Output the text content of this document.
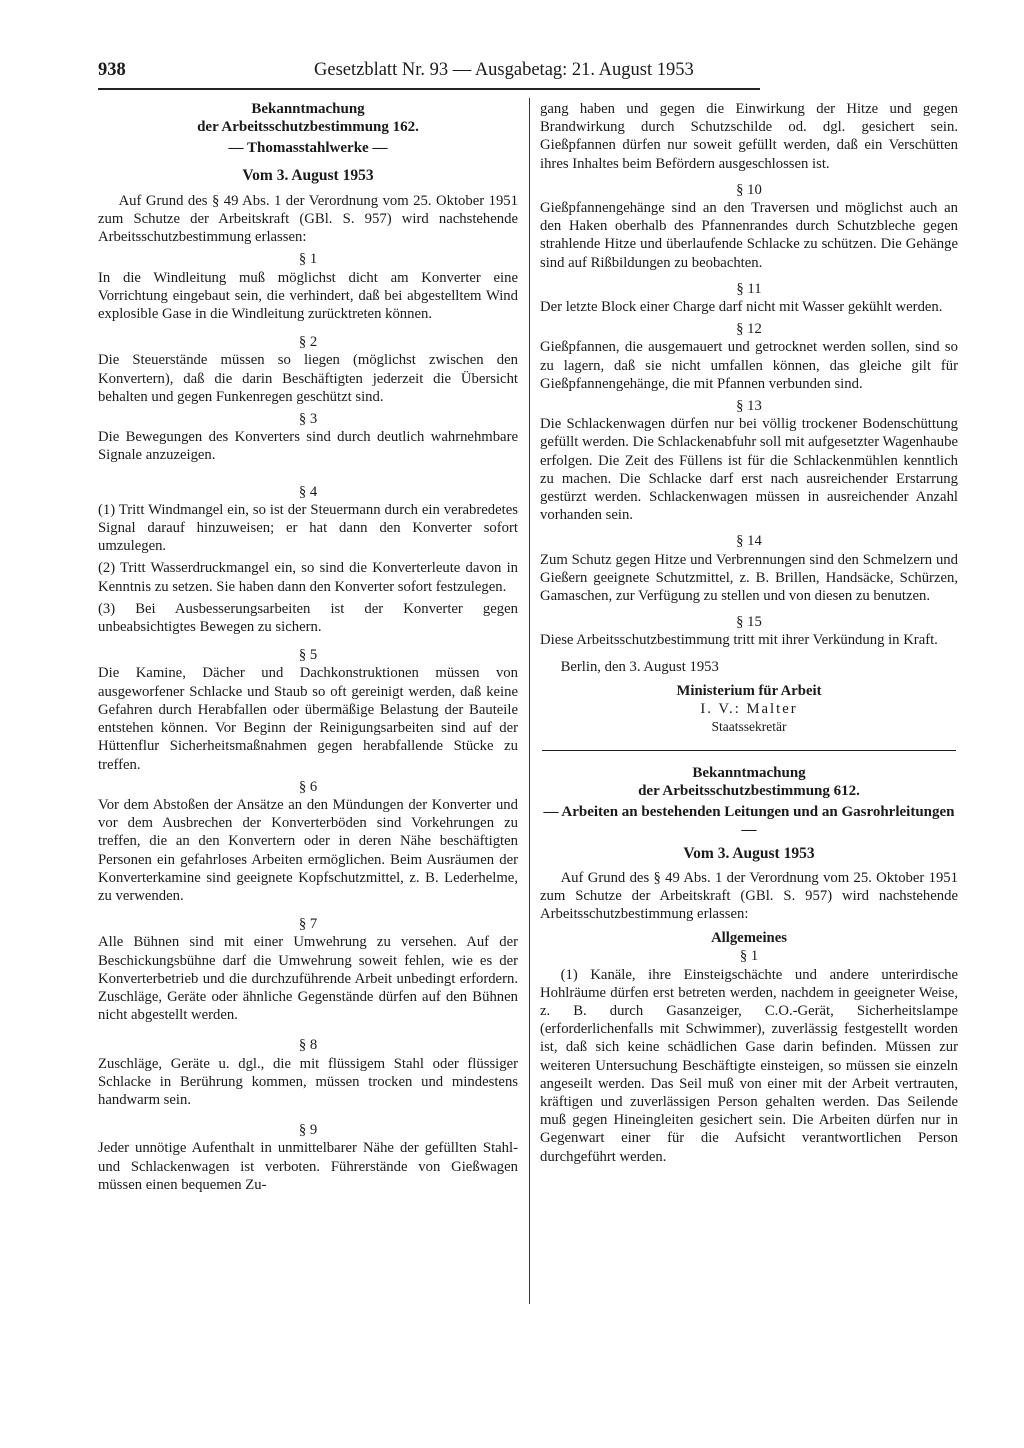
938	Gesetzblatt Nr. 93 — Ausgabetag: 21. August 1953

Bekanntmachung

der Arbeitsschutzbestimmung 162.

— Thomasstahlwerke —

Vom 3. August 1953

Auf Grund des § 49 Abs. 1 der Verordnung vom 25. Oktober 1951 zum Schutze der Arbeitskraft (GBl. S. 957) wird nachstehende Arbeitsschutzbestimmung erlassen:

§ 1

In die Windleitung muß möglichst dicht am Konverter eine Vorrichtung eingebaut sein, die verhindert, daß bei abgestelltem Wind explosible Gase in die Windleitung zurücktreten können.

§ 2

Die Steuerstände müssen so liegen (möglichst zwischen den Konvertern), daß die darin Beschäftigten jederzeit die Übersicht behalten und gegen Funkenregen geschützt sind.

§ 3

Die Bewegungen des Konverters sind durch deutlich wahrnehmbare Signale anzuzeigen.

§ 4

(1) Tritt Windmangel ein, so ist der Steuermann durch ein verabredetes Signal darauf hinzuweisen; er hat dann den Konverter sofort umzulegen.

(2) Tritt Wasserdruckmangel ein, so sind die Konverterleute davon in Kenntnis zu setzen. Sie haben dann den Konverter sofort festzulegen.

(3) Bei Ausbesserungsarbeiten ist der Konverter gegen unbeabsichtigtes Bewegen zu sichern.

§ 5

Die Kamine, Dächer und Dachkonstruktionen müssen von ausgeworfener Schlacke und Staub so oft gereinigt werden, daß keine Gefahren durch Herabfallen oder übermäßige Belastung der Bauteile entstehen können. Vor Beginn der Reinigungsarbeiten sind auf der Hüttenflur Sicherheitsmaßnahmen gegen herabfallende Stücke zu treffen.

§ 6

Vor dem Abstoßen der Ansätze an den Mündungen der Konverter und vor dem Ausbrechen der Konverterböden sind Vorkehrungen zu treffen, die an den Konvertern oder in deren Nähe beschäftigten Personen ein gefahrloses Arbeiten ermöglichen. Beim Ausräumen der Konverterkamine sind geeignete Kopfschutzmittel, z. B. Lederhelme, zu verwenden.

§ 7

Alle Bühnen sind mit einer Umwehrung zu versehen. Auf der Beschickungsbühne darf die Umwehrung soweit fehlen, wie es der Konverterbetrieb und die durchzuführende Arbeit unbedingt erfordern. Zuschläge, Geräte oder ähnliche Gegenstände dürfen auf den Bühnen nicht abgestellt werden.

§ 8

Zuschläge, Geräte u. dgl., die mit flüssigem Stahl oder flüssiger Schlacke in Berührung kommen, müssen trocken und mindestens handwarm sein.

§ 9

Jeder unnötige Aufenthalt in unmittelbarer Nähe der gefüllten Stahl- und Schlackenwagen ist verboten. Führerstände von Gießwagen müssen einen bequemen Zu-

gang haben und gegen die Einwirkung der Hitze und gegen Brandwirkung durch Schutzschilde od. dgl. gesichert sein. Gießpfannen dürfen nur soweit gefüllt werden, daß ein Verschütten ihres Inhaltes beim Befördern ausgeschlossen ist.

§ 10

Gießpfannengehänge sind an den Traversen und möglichst auch an den Haken oberhalb des Pfannenrandes durch Schutzbleche gegen strahlende Hitze und überlaufende Schlacke zu schützen. Die Gehänge sind auf Rißbildungen zu beobachten.

§ 11

Der letzte Block einer Charge darf nicht mit Wasser gekühlt werden.

§ 12

Gießpfannen, die ausgemauert und getrocknet werden sollen, sind so zu lagern, daß sie nicht umfallen können, das gleiche gilt für Gießpfannengehänge, die mit Pfannen verbunden sind.

§ 13

Die Schlackenwagen dürfen nur bei völlig trockener Bodenschüttung gefüllt werden. Die Schlackenabfuhr soll mit aufgesetzter Wagenhaube erfolgen. Die Zeit des Füllens ist für die Schlackenmühlen kenntlich zu machen. Die Schlacke darf erst nach ausreichender Erstarrung gestürzt werden. Schlackenwagen müssen in ausreichender Anzahl vorhanden sein.

§ 14

Zum Schutz gegen Hitze und Verbrennungen sind den Schmelzern und Gießern geeignete Schutzmittel, z. B. Brillen, Handsäcke, Schürzen, Gamaschen, zur Verfügung zu stellen und von diesen zu benutzen.

§ 15

Diese Arbeitsschutzbestimmung tritt mit ihrer Verkündung in Kraft.

Berlin, den 3. August 1953

Ministerium für Arbeit

I. V.: Malter

Staatssekretär

Bekanntmachung

der Arbeitsschutzbestimmung 612.

— Arbeiten an bestehenden Leitungen und an Gasrohrleitungen —

Vom 3. August 1953

Auf Grund des § 49 Abs. 1 der Verordnung vom 25. Oktober 1951 zum Schutze der Arbeitskraft (GBl. S. 957) wird nachstehende Arbeitsschutzbestimmung erlassen:

Allgemeines

§ 1

(1) Kanäle, ihre Einsteigschächte und andere unterirdische Hohlräume dürfen erst betreten werden, nachdem in geeigneter Weise, z. B. durch Gasanzeiger, C.O.-Gerät, Sicherheitslampe (erforderlichenfalls mit Schwimmer), zuverlässig festgestellt worden ist, daß sich keine schädlichen Gase darin befinden. Müssen zur weiteren Untersuchung Beschäftigte einsteigen, so müssen sie einzeln angeseilt werden. Das Seil muß von einer mit der Arbeit vertrauten, kräftigen und zuverlässigen Person gehalten werden. Das Seilende muß gegen Hineingleiten gesichert sein. Die Arbeiten dürfen nur in Gegenwart einer für die Aufsicht verantwortlichen Person durchgeführt werden.
